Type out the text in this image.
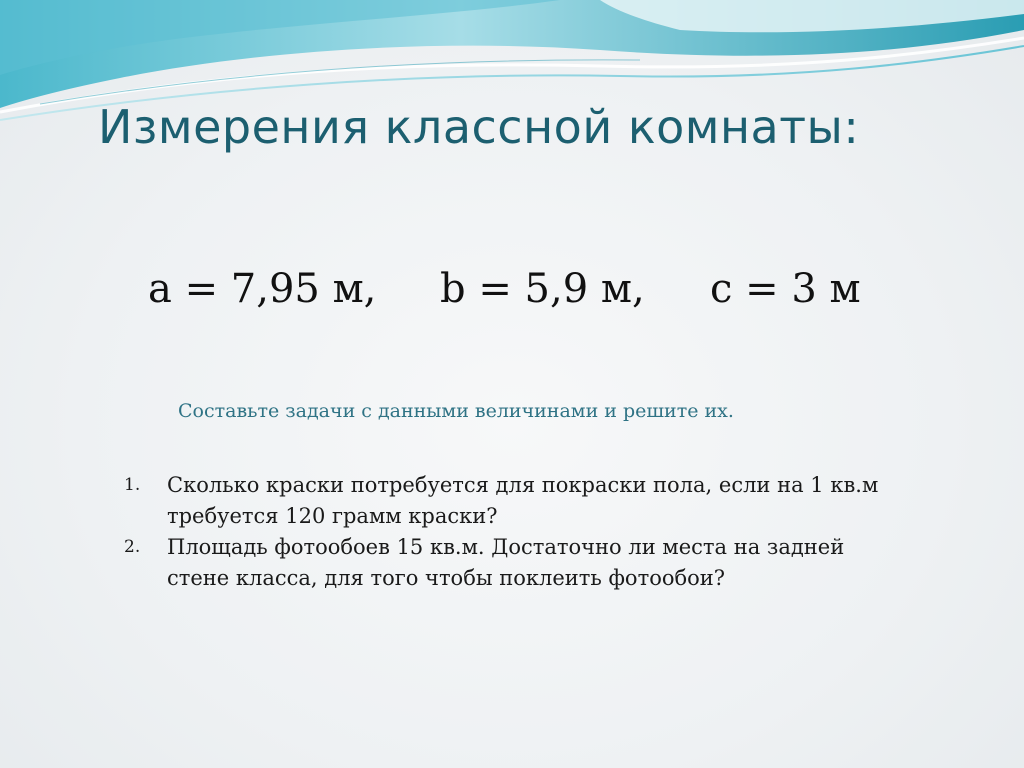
Измерения классной комнаты:
a = 7,95 м, b = 5,9 м, c = 3 м
Составьте задачи с данными величинами и решите их.
1. Сколько краски потребуется для покраски пола, если на 1 кв.м
требуется 120 грамм краски?
2. Площадь фотообоев 15 кв.м. Достаточно ли места на задней
стене класса, для того чтобы поклеить фотообои?
